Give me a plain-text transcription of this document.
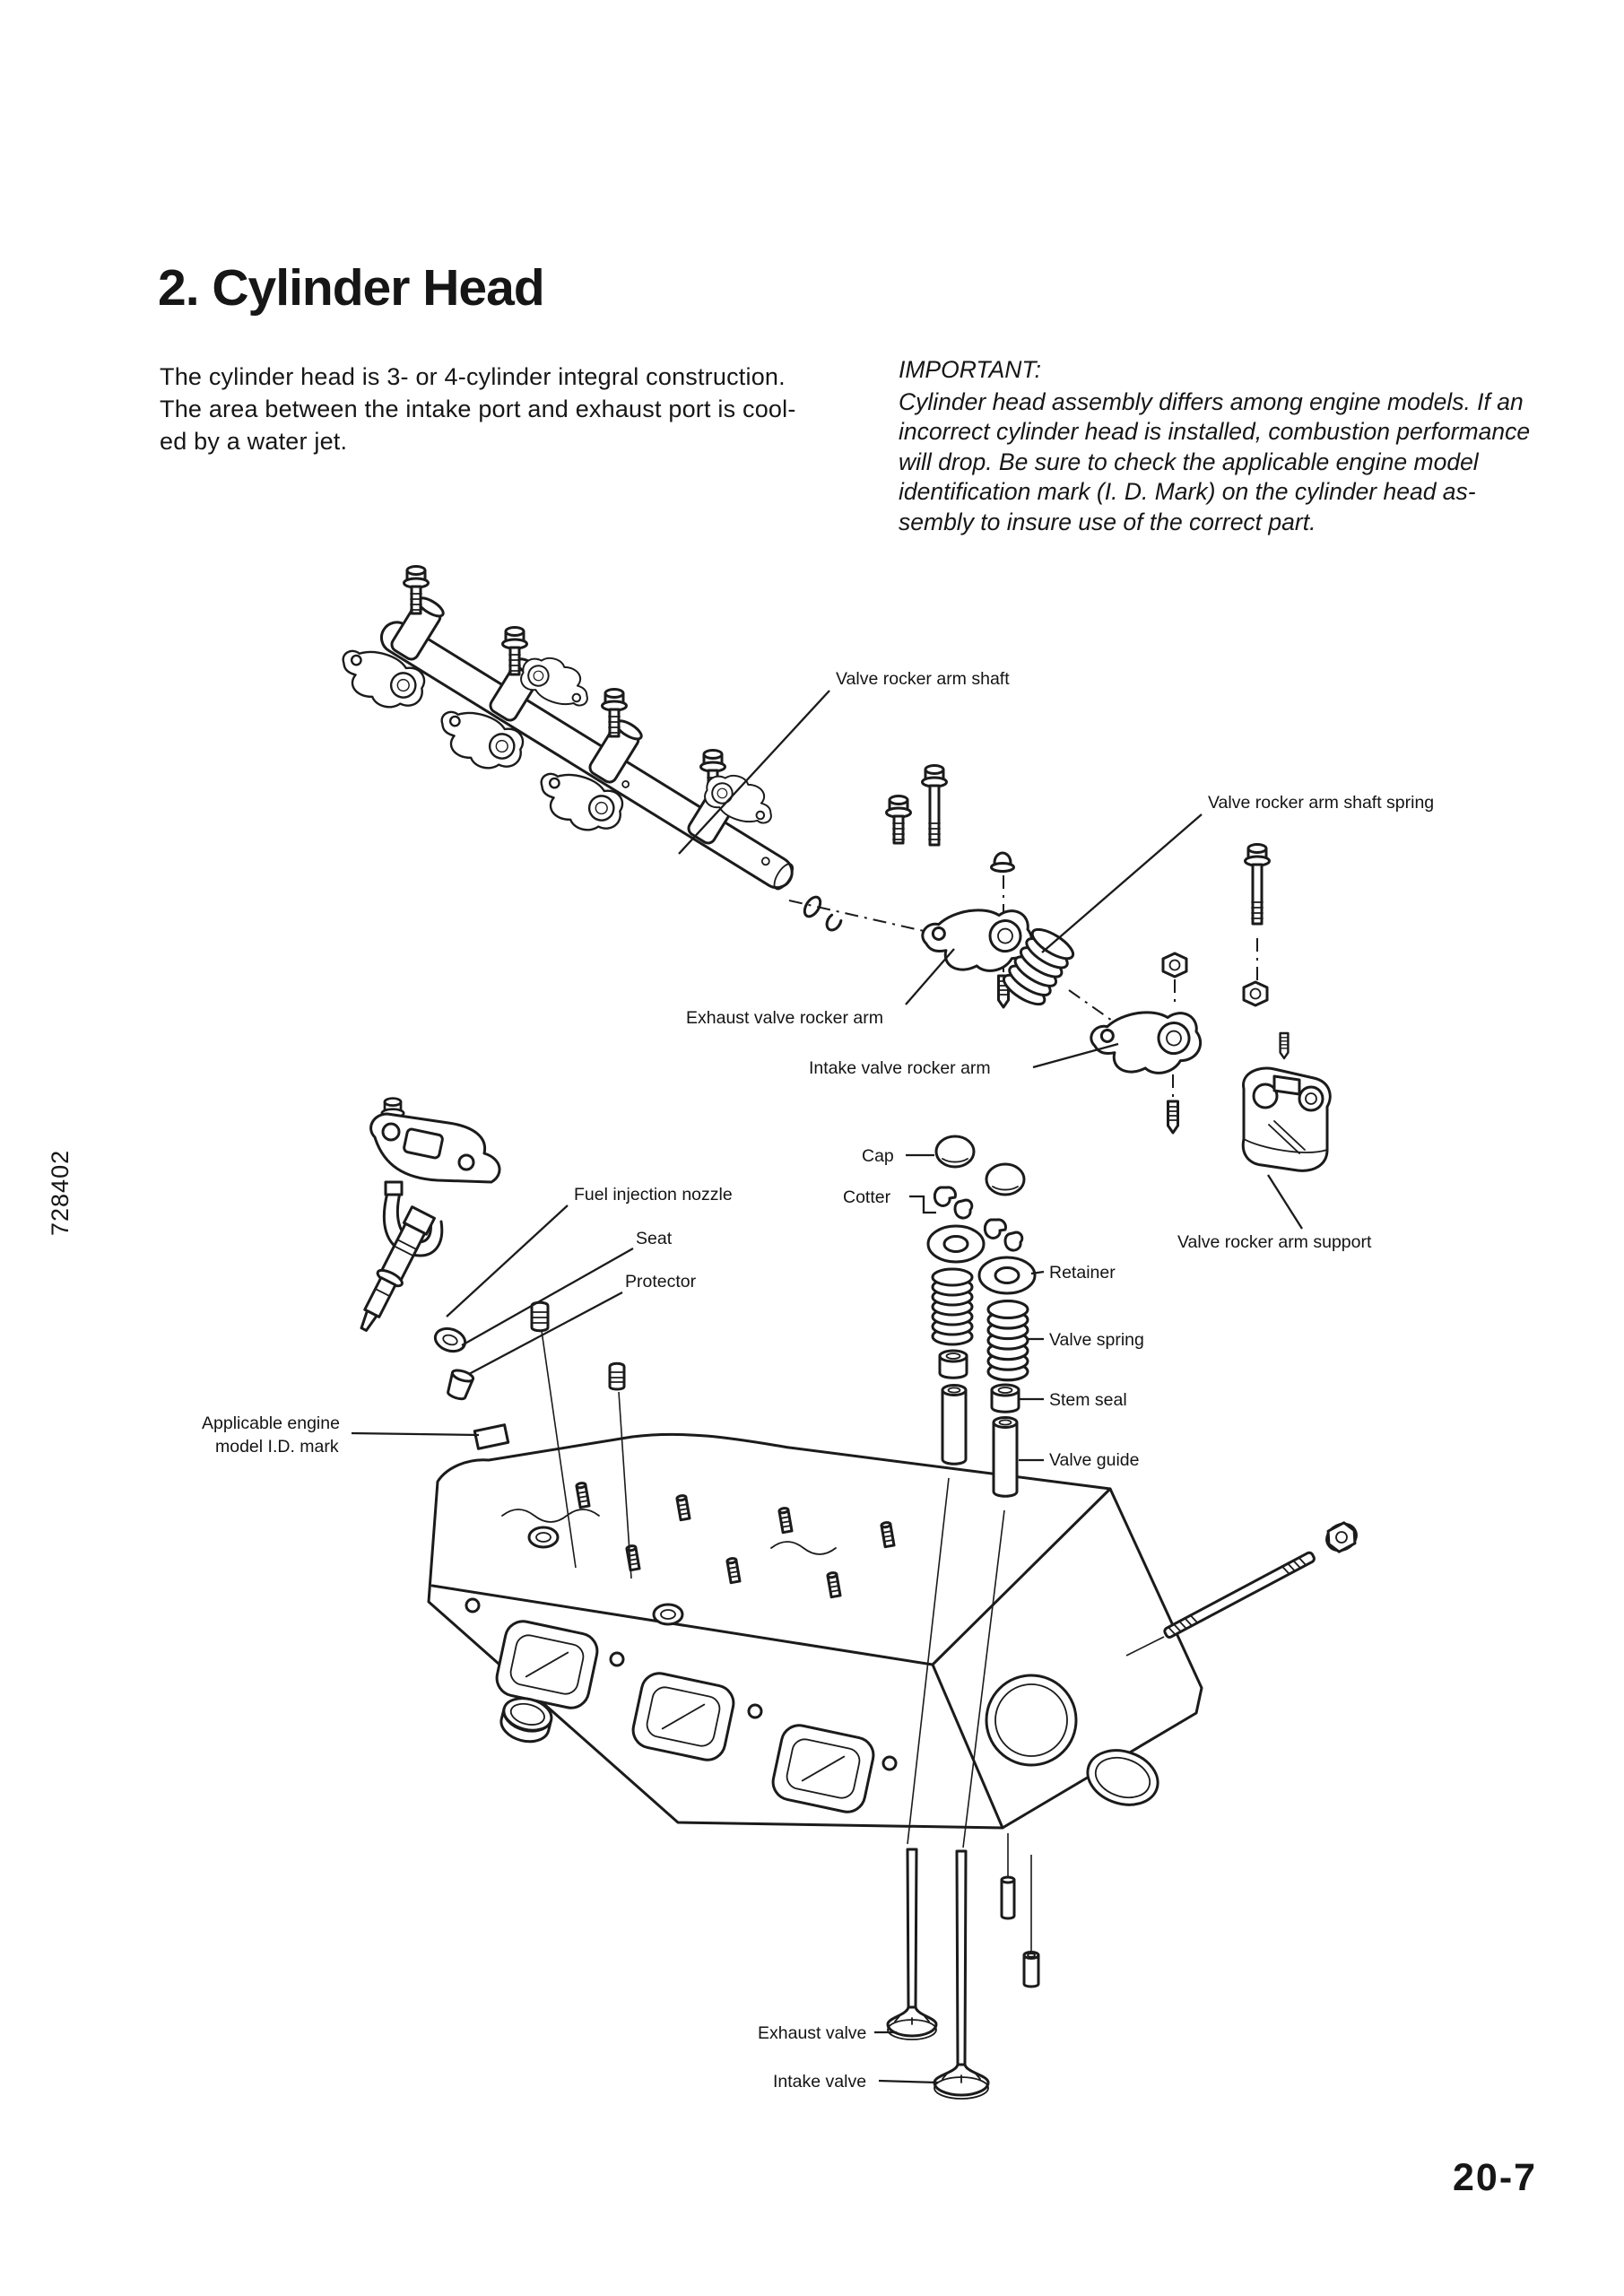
2. Cylinder Head
The cylinder head is 3- or 4-cylinder integral construction.
The area between the intake port and exhaust port is cool-
ed by a water jet.
IMPORTANT:
Cylinder head assembly differs among engine models. If an
incorrect cylinder head is installed, combustion performance
will drop. Be sure to check the applicable engine model
identification mark (I. D. Mark) on the cylinder head as-
sembly to insure use of the correct part.
728402
20-7
Valve rocker arm shaft
Valve rocker arm shaft spring
Exhaust valve rocker arm
Intake valve rocker arm
Cap
Cotter
Fuel injection nozzle
Seat
Protector
Applicable engine
model I.D. mark
Retainer
Valve spring
Stem seal
Valve guide
Valve rocker arm support
Exhaust valve
Intake valve
